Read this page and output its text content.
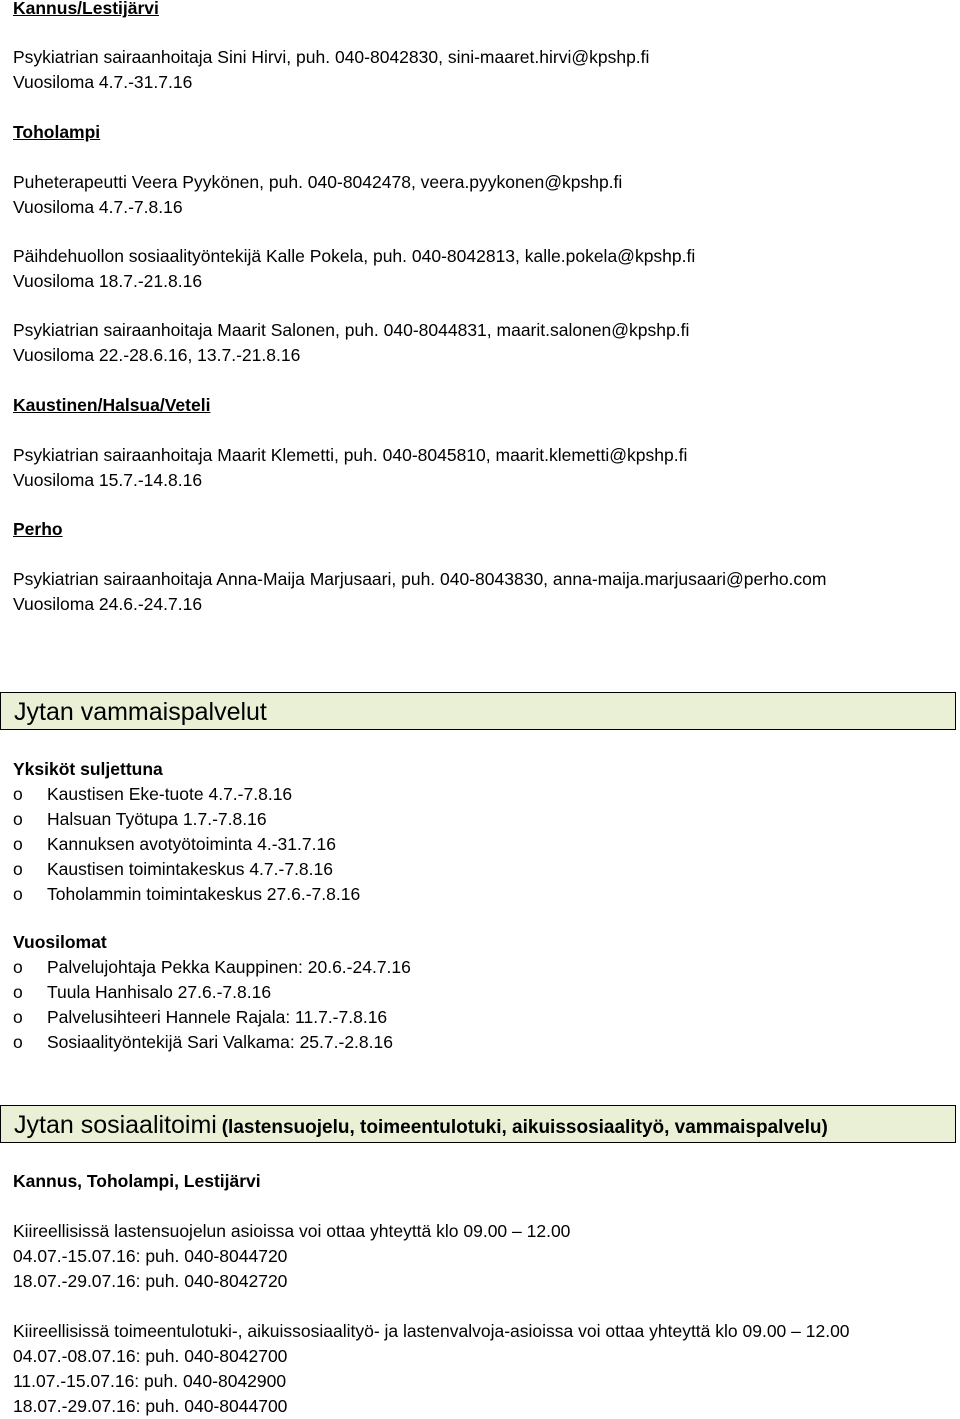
Kannus/Lestijärvi
Psykiatrian sairaanhoitaja Sini Hirvi, puh. 040-8042830, sini-maaret.hirvi@kpshp.fi
Vuosiloma 4.7.-31.7.16
Toholampi
Puheterapeutti Veera Pyykönen, puh. 040-8042478, veera.pyykonen@kpshp.fi
Vuosiloma 4.7.-7.8.16
Päihdehuollon sosiaalityöntekijä Kalle Pokela, puh. 040-8042813, kalle.pokela@kpshp.fi
Vuosiloma 18.7.-21.8.16
Psykiatrian sairaanhoitaja Maarit Salonen, puh. 040-8044831, maarit.salonen@kpshp.fi
Vuosiloma 22.-28.6.16, 13.7.-21.8.16
Kaustinen/Halsua/Veteli
Psykiatrian sairaanhoitaja Maarit Klemetti, puh. 040-8045810, maarit.klemetti@kpshp.fi
Vuosiloma 15.7.-14.8.16
Perho
Psykiatrian sairaanhoitaja Anna-Maija Marjusaari, puh. 040-8043830, anna-maija.marjusaari@perho.com
Vuosiloma 24.6.-24.7.16
Jytan vammaispalvelut
Yksiköt suljettuna
o	Kaustisen Eke-tuote 4.7.-7.8.16
o	Halsuan Työtupa 1.7.-7.8.16
o	Kannuksen avotyötoiminta 4.-31.7.16
o	Kaustisen toimintakeskus 4.7.-7.8.16
o	Toholammin toimintakeskus 27.6.-7.8.16
Vuosilomat
o	Palvelujohtaja Pekka Kauppinen: 20.6.-24.7.16
o	Tuula Hanhisalo 27.6.-7.8.16
o	Palvelusihteeri Hannele Rajala: 11.7.-7.8.16
o	Sosiaalityöntekijä Sari Valkama: 25.7.-2.8.16
Jytan sosiaalitoimi (lastensuojelu, toimeentulotuki, aikuissosiaalityö, vammaispalvelu)
Kannus, Toholampi, Lestijärvi
Kiireellisissä lastensuojelun asioissa voi ottaa yhteyttä klo 09.00 – 12.00
04.07.-15.07.16: puh. 040-8044720
18.07.-29.07.16: puh. 040-8042720
Kiireellisissä toimeentulotuki-, aikuissosiaalityö- ja lastenvalvoja-asioissa voi ottaa yhteyttä klo 09.00 – 12.00
04.07.-08.07.16: puh. 040-8042700
11.07.-15.07.16: puh. 040-8042900
18.07.-29.07.16: puh. 040-8044700
